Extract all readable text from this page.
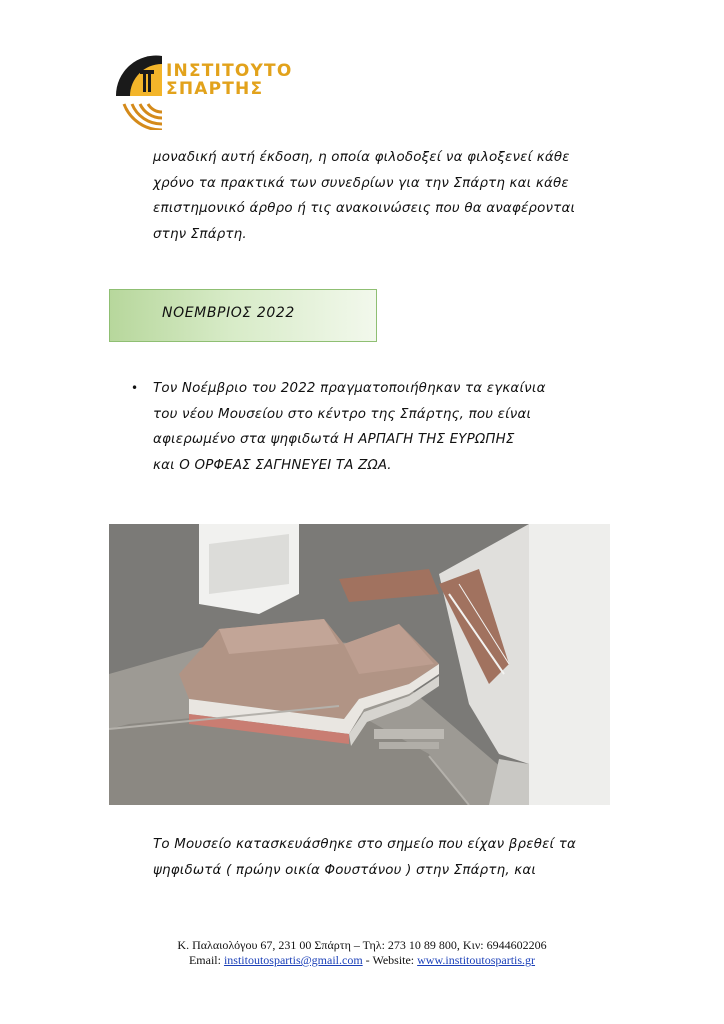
ΙΝΣΤΙΤΟΥΤΟ
ΣΠΑΡΤΗΣ
μοναδική αυτή έκδοση, η οποία φιλοδοξεί να φιλοξενεί κάθε
χρόνο τα πρακτικά των συνεδρίων για την Σπάρτη και κάθε
επιστημονικό άρθρο ή τις ανακοινώσεις που θα αναφέρονται
στην Σπάρτη.
ΝΟΕΜΒΡΙΟΣ 2022
• Τον Νοέμβριο του 2022 πραγματοποιήθηκαν τα εγκαίνια
του νέου Μουσείου στο κέντρο της Σπάρτης, που είναι
αφιερωμένο στα ψηφιδωτά Η ΑΡΠΑΓΗ ΤΗΣ ΕΥΡΩΠΗΣ
και Ο ΟΡΦΕΑΣ ΣΑΓΗΝΕΥΕΙ ΤΑ ΖΩΑ.
Το Μουσείο κατασκευάσθηκε στο σημείο που είχαν βρεθεί τα
ψηφιδωτά ( πρώην οικία Φουστάνου ) στην Σπάρτη, και
Κ. Παλαιολόγου 67, 231 00 Σπάρτη – Τηλ: 273 10 89 800, Κιν: 6944602206
Email: institoutospartis@gmail.com - Website: www.institoutospartis.gr
